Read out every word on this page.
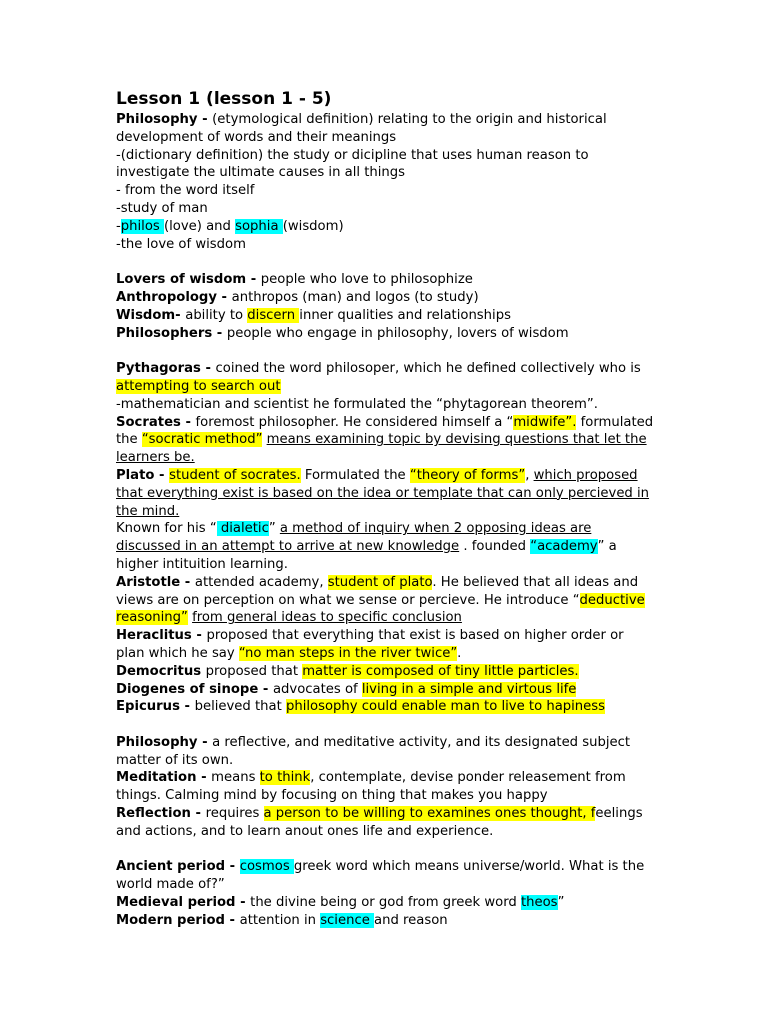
Lesson 1 (lesson 1 - 5)
Philosophy - (etymological definition) relating to the origin and historical development of words and their meanings
-(dictionary definition) the study or dicipline that uses human reason to investigate the ultimate causes in all things
- from the word itself
-study of man
-philos (love) and sophia (wisdom)
-the love of wisdom
Lovers of wisdom - people who love to philosophize
Anthropology - anthropos (man) and logos (to study)
Wisdom- ability to discern inner qualities and relationships
Philosophers - people who engage in philosophy, lovers of wisdom
Pythagoras - coined the word philosoper, which he defined collectively who is attempting to search out
-mathematician and scientist he formulated the “phytagorean theorem”.
Socrates - foremost philosopher. He considered himself a “midwife”. formulated the “socratic method” means examining topic by devising questions that let the learners be.
Plato - student of socrates. Formulated the “theory of forms”, which proposed that everything exist is based on the idea or template that can only percieved in the mind.
Known for his “ dialetic” a method of inquiry when 2 opposing ideas are discussed in an attempt to arrive at new knowledge . founded “academy” a higher intituition learning.
Aristotle - attended academy, student of plato. He believed that all ideas and views are on perception on what we sense or percieve. He introduce “deductive reasoning” from general ideas to specific conclusion
Heraclitus - proposed that everything that exist is based on higher order or plan which he say “no man steps in the river twice”.
Democritus proposed that matter is composed of tiny little particles.
Diogenes of sinope - advocates of living in a simple and virtous life
Epicurus - believed that philosophy could enable man to live to hapiness
Philosophy - a reflective, and meditative activity, and its designated subject matter of its own.
Meditation - means to think, contemplate, devise ponder releasement from things. Calming mind by focusing on thing that makes you happy
Reflection - requires a person to be willing to examines ones thought, feelings and actions, and to learn anout ones life and experience.
Ancient period - cosmos greek word which means universe/world. What is the world made of?”
Medieval period - the divine being or god from greek word theos”
Modern period - attention in science and reason
